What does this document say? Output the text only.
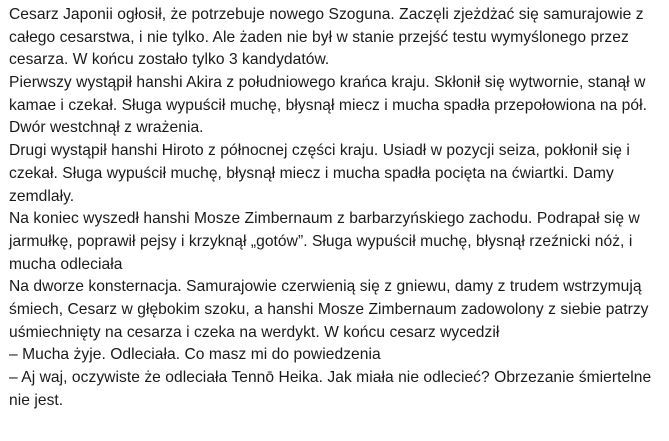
Cesarz Japonii ogłosił, że potrzebuje nowego Szoguna. Zaczęli zjeżdżać się samurajowie z
całego cesarstwa, i nie tylko. Ale żaden nie był w stanie przejść testu wymyślonego przez
cesarza. W końcu zostało tylko 3 kandydatów.
Pierwszy wystąpił hanshi Akira z południowego krańca kraju. Skłonił się wytwornie, stanął w
kamae i czekał. Sługa wypuścił muchę, błysnął miecz i mucha spadła przepołowiona na pół.
Dwór westchnął z wrażenia.
Drugi wystąpił hanshi Hiroto z północnej części kraju. Usiadł w pozycji seiza, pokłonił się i
czekał. Sługa wypuścił muchę, błysnął miecz i mucha spadła pocięta na ćwiartki. Damy
zemdlały.
Na koniec wyszedł hanshi Mosze Zimbernaum z barbarzyńskiego zachodu. Podrapał się w
jarmułkę, poprawił pejsy i krzyknął „gotów”. Sługa wypuścił muchę, błysnął rzeźnicki nóż, i
mucha odleciała
Na dworze konsternacja. Samurajowie czerwienią się z gniewu, damy z trudem wstrzymują
śmiech, Cesarz w głębokim szoku, a hanshi Mosze Zimbernaum zadowolony z siebie patrzy
uśmiechnięty na cesarza i czeka na werdykt. W końcu cesarz wycedził
– Mucha żyje. Odleciała. Co masz mi do powiedzenia
– Aj waj, oczywiste że odleciała Tennō Heika. Jak miała nie odlecieć? Obrzezanie śmiertelne
nie jest.
